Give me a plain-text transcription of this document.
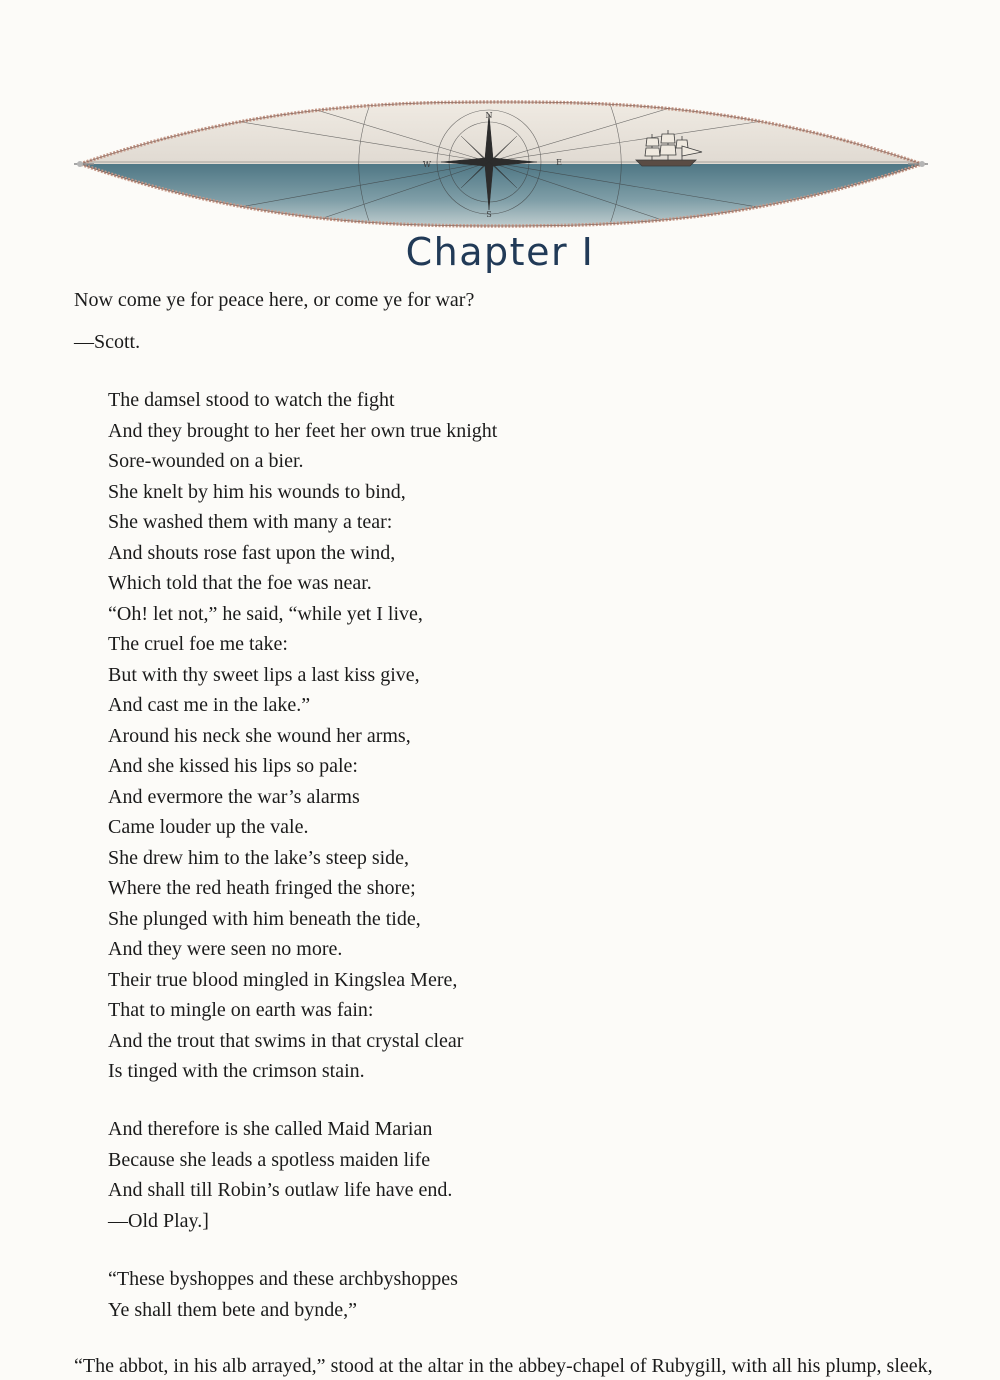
N
E
S
W
Chapter I

Now come ye for peace here, or come ye for war?

—Scott.

The damsel stood to watch the fight
And they brought to her feet her own true knight
Sore-wounded on a bier.
She knelt by him his wounds to bind,
She washed them with many a tear:
And shouts rose fast upon the wind,
Which told that the foe was near.
“Oh! let not,” he said, “while yet I live,
The cruel foe me take:
But with thy sweet lips a last kiss give,
And cast me in the lake.”
Around his neck she wound her arms,
And she kissed his lips so pale:
And evermore the war’s alarms
Came louder up the vale.
She drew him to the lake’s steep side,
Where the red heath fringed the shore;
She plunged with him beneath the tide,
And they were seen no more.
Their true blood mingled in Kingslea Mere,
That to mingle on earth was fain:
And the trout that swims in that crystal clear
Is tinged with the crimson stain.
And therefore is she called Maid Marian
Because she leads a spotless maiden life
And shall till Robin’s outlaw life have end.
—Old Play.]
“These byshoppes and these archbyshoppes
Ye shall them bete and bynde,”

“The abbot, in his alb arrayed,” stood at the altar in the abbey-chapel of Rubygill, with all his plump, sleek,
